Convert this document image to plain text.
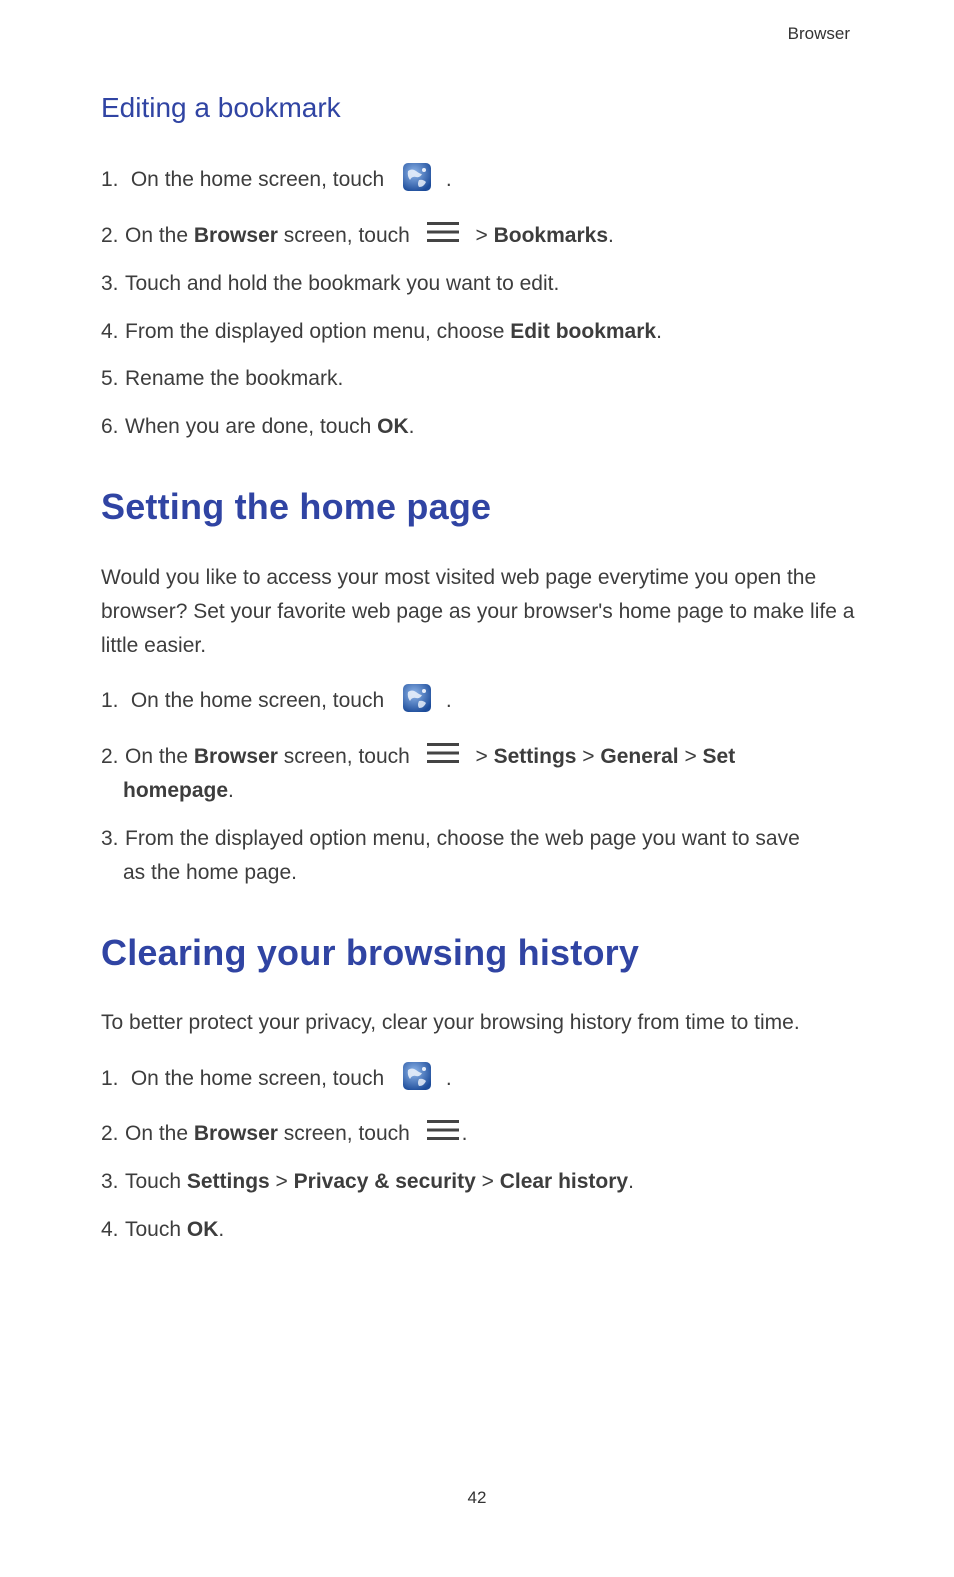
Browser
Editing a bookmark
1. On the home screen, touch	.
2. On the Browser screen, touch	> Bookmarks.
3. Touch and hold the bookmark you want to edit.
4. From the displayed option menu, choose Edit bookmark.
5. Rename the bookmark.
6. When you are done, touch OK.
Setting the home page

Would you like to access your most visited web page everytime you open the browser? Set your favorite web page as your browser's home page to make life a little easier.

1. On the home screen, touch	.
2. On the Browser screen, touch	> Settings > General > Set
homepage.
3. From the displayed option menu, choose the web page you want to save
as the home page.
Clearing your browsing history

To better protect your privacy, clear your browsing history from time to time.

1. On the home screen, touch	.
2. On the Browser screen, touch .
3. Touch Settings > Privacy & security > Clear history.
4. Touch OK.
42
